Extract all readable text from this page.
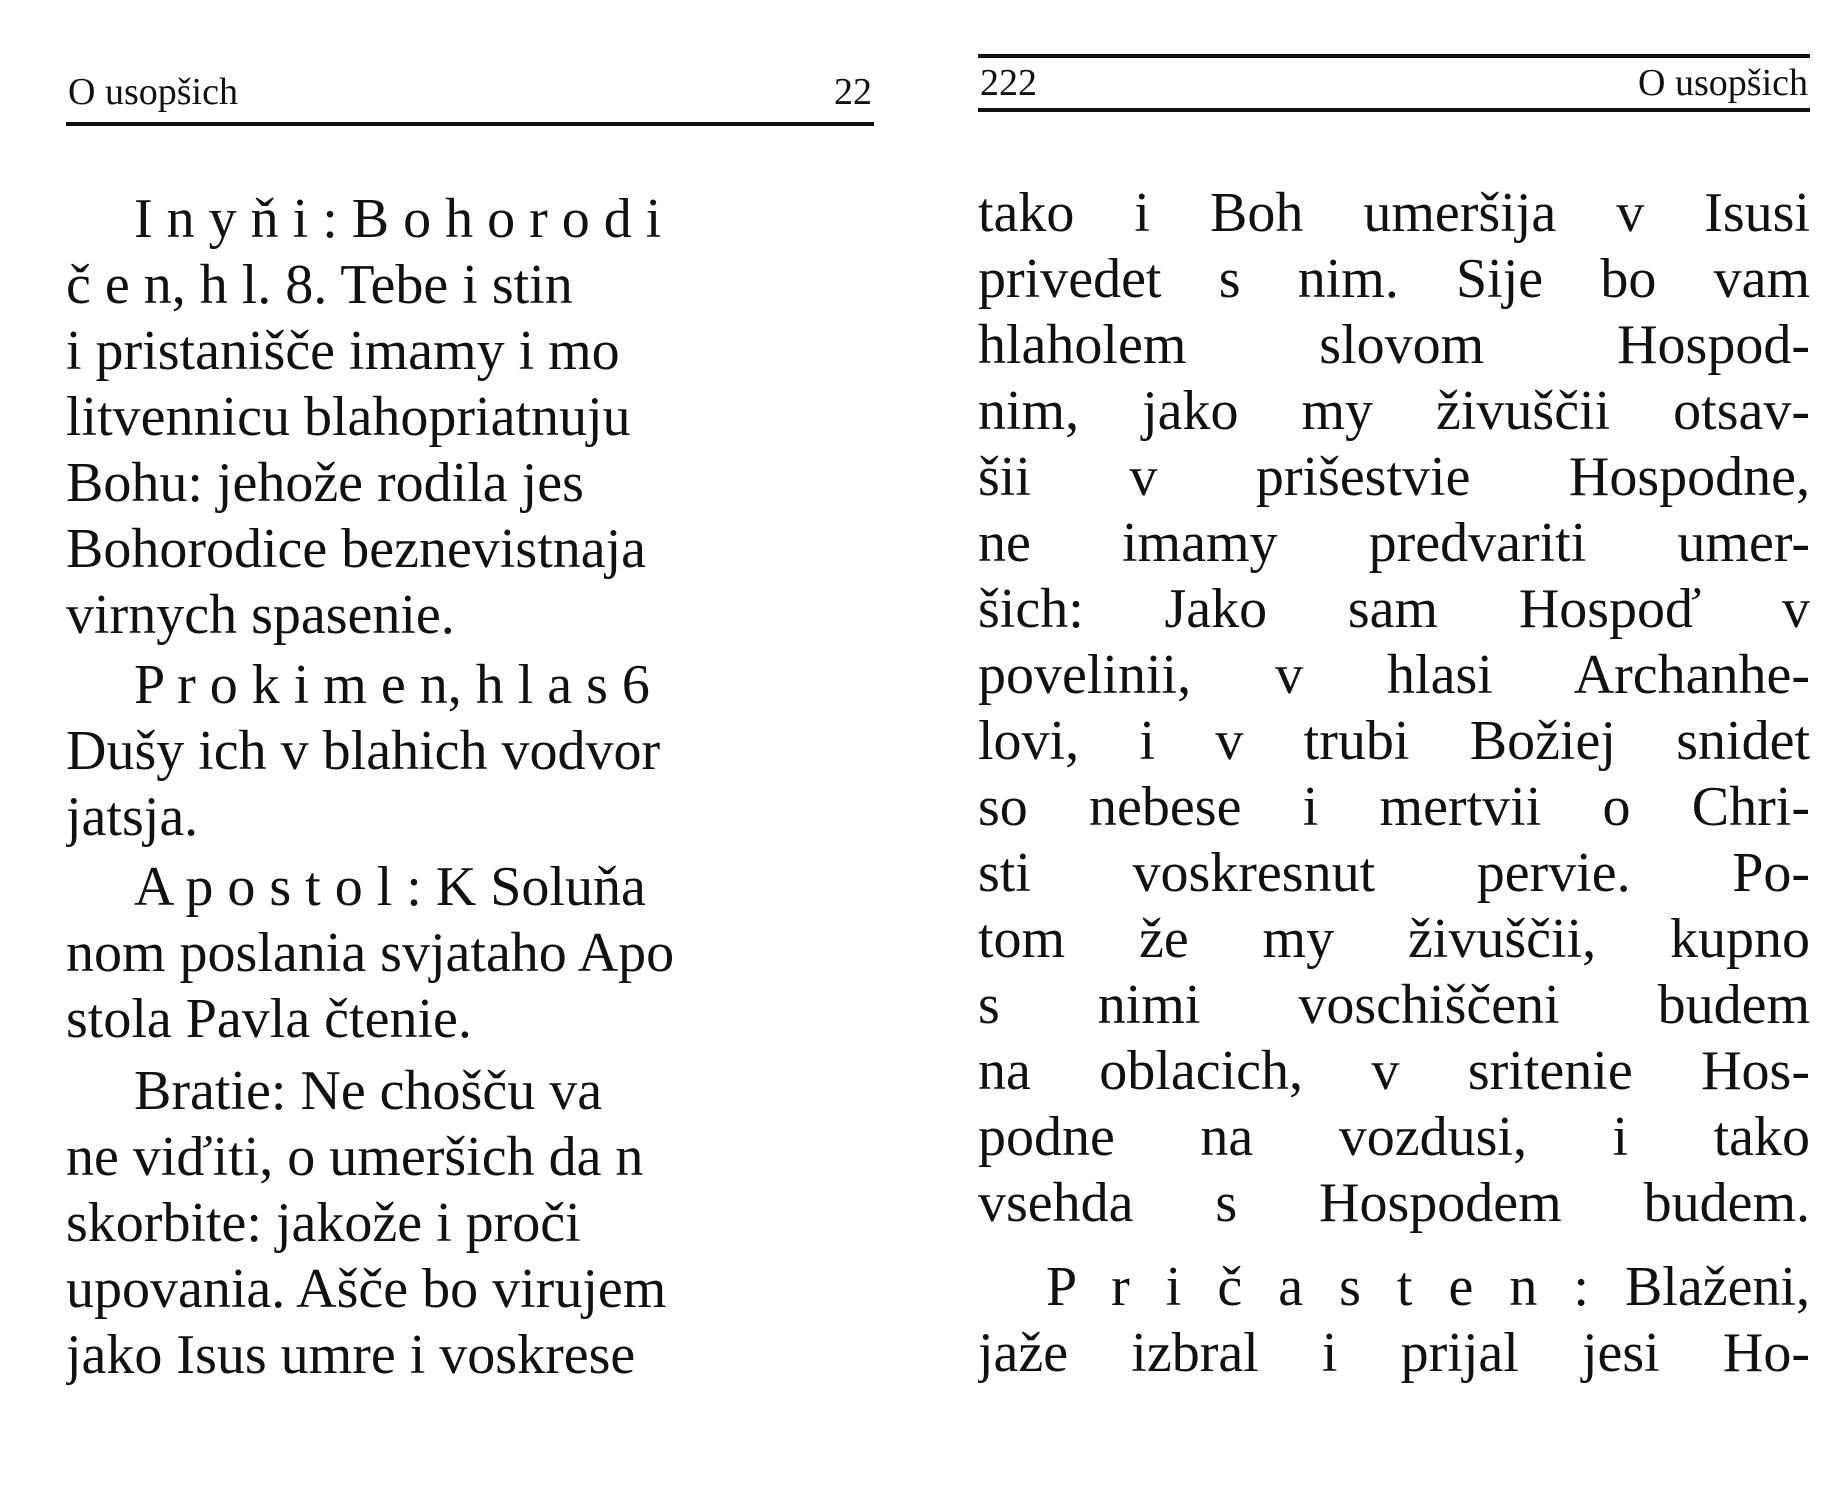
O usopšich	22
I n y ň i : B o h o r o d i
č e n, h l. 8. Tebe i stin
i pristanišče imamy i mo
litvennicu blahopriatnuju
Bohu: jehože rodila jes
Bohorodice beznevistnaja
virnych spasenie.
P r o k i m e n, h l a s 6
Dušy ich v blahich vodvor
jatsja.
A p o s t o l : K Soluňa
nom poslania svjataho Apo
stola Pavla čtenie.
Bratie: Ne chošču va
ne viďiti, o umeršich da n
skorbite: jakože i proči
upovania. Ašče bo virujem
jako Isus umre i voskrese
222	O usopšich
tako i Boh umeršija v Isusi
privedet s nim. Sije bo vam
hlaholem slovom Hospod-
nim, jako my živuščii otsav-
šii v prišestvie Hospodne,
ne imamy predvariti umer-
šich: Jako sam Hospoď v
povelinii, v hlasi Archanhe-
lovi, i v trubi Božiej snidet
so nebese i mertvii o Chri-
sti voskresnut pervie. Po-
tom že my živuščii, kupno
s nimi voschiščeni budem
na oblacich, v sritenie Hos-
podne na vozdusi, i tako
vsehda s Hospodem budem.
P r i č a s t e n : Blaženi,
jaže izbral i prijal jesi Ho-
